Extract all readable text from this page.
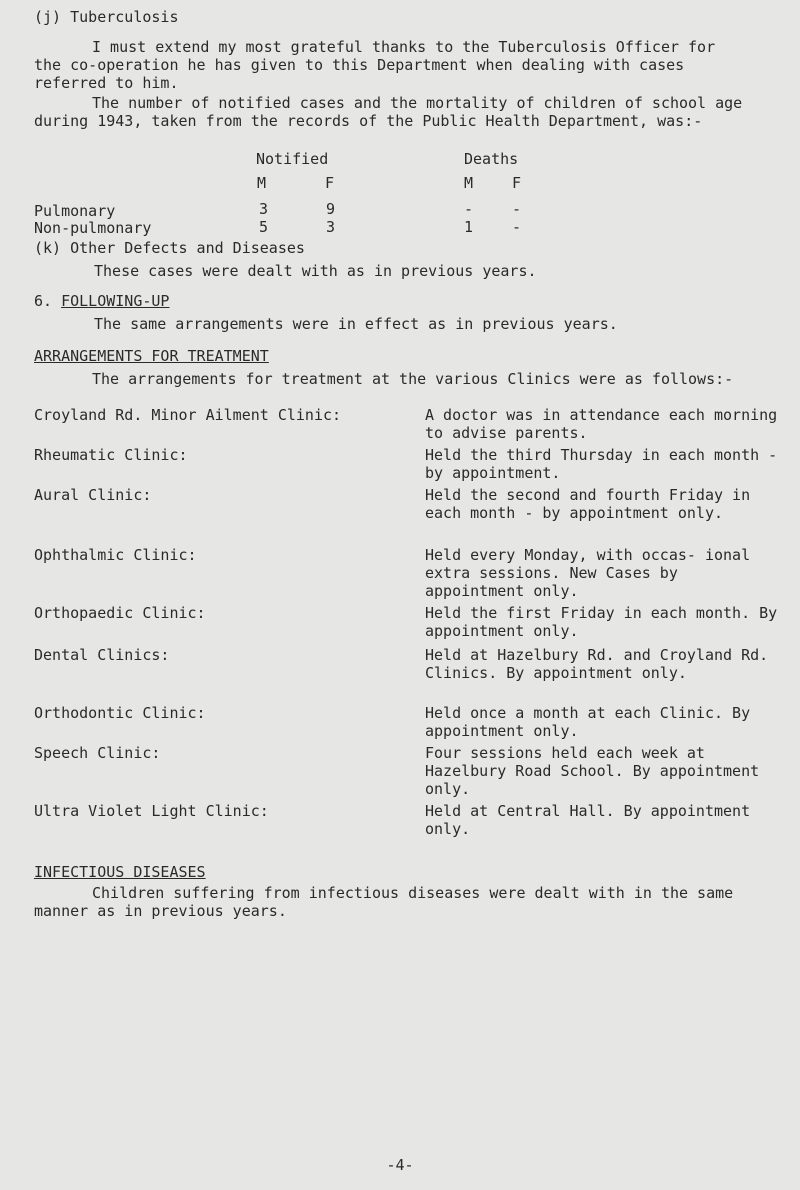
(j) Tuberculosis
I must extend my most grateful thanks to the Tuberculosis Officer for the co-operation he has given to this Department when dealing with cases referred to him.
The number of notified cases and the mortality of children of school age during 1943, taken from the records of the Public Health Department, was:-
Notified	Deaths
M	F	M	F
Pulmonary	3	9	-	-
Non-pulmonary	5	3	1	-
(k) Other Defects and Diseases
These cases were dealt with as in previous years.
6. FOLLOWING-UP
The same arrangements were in effect as in previous years.
ARRANGEMENTS FOR TREATMENT
The arrangements for treatment at the various Clinics were as follows:-
Croyland Rd. Minor Ailment Clinic:	A doctor was in attendance each morning to advise parents.
Rheumatic Clinic:	Held the third Thursday in each month - by appointment.
Aural Clinic:	Held the second and fourth Friday in each month - by appointment only.
Ophthalmic Clinic:	Held every Monday, with occas- ional extra sessions. New Cases by appointment only.
Orthopaedic Clinic:	Held the first Friday in each month. By appointment only.
Dental Clinics:	Held at Hazelbury Rd. and Croyland Rd. Clinics. By appointment only.
Orthodontic Clinic:	Held once a month at each Clinic. By appointment only.
Speech Clinic:	Four sessions held each week at Hazelbury Road School. By appointment only.
Ultra Violet Light Clinic:	Held at Central Hall. By appointment only.
INFECTIOUS DISEASES
Children suffering from infectious diseases were dealt with in the same manner as in previous years.
-4-
